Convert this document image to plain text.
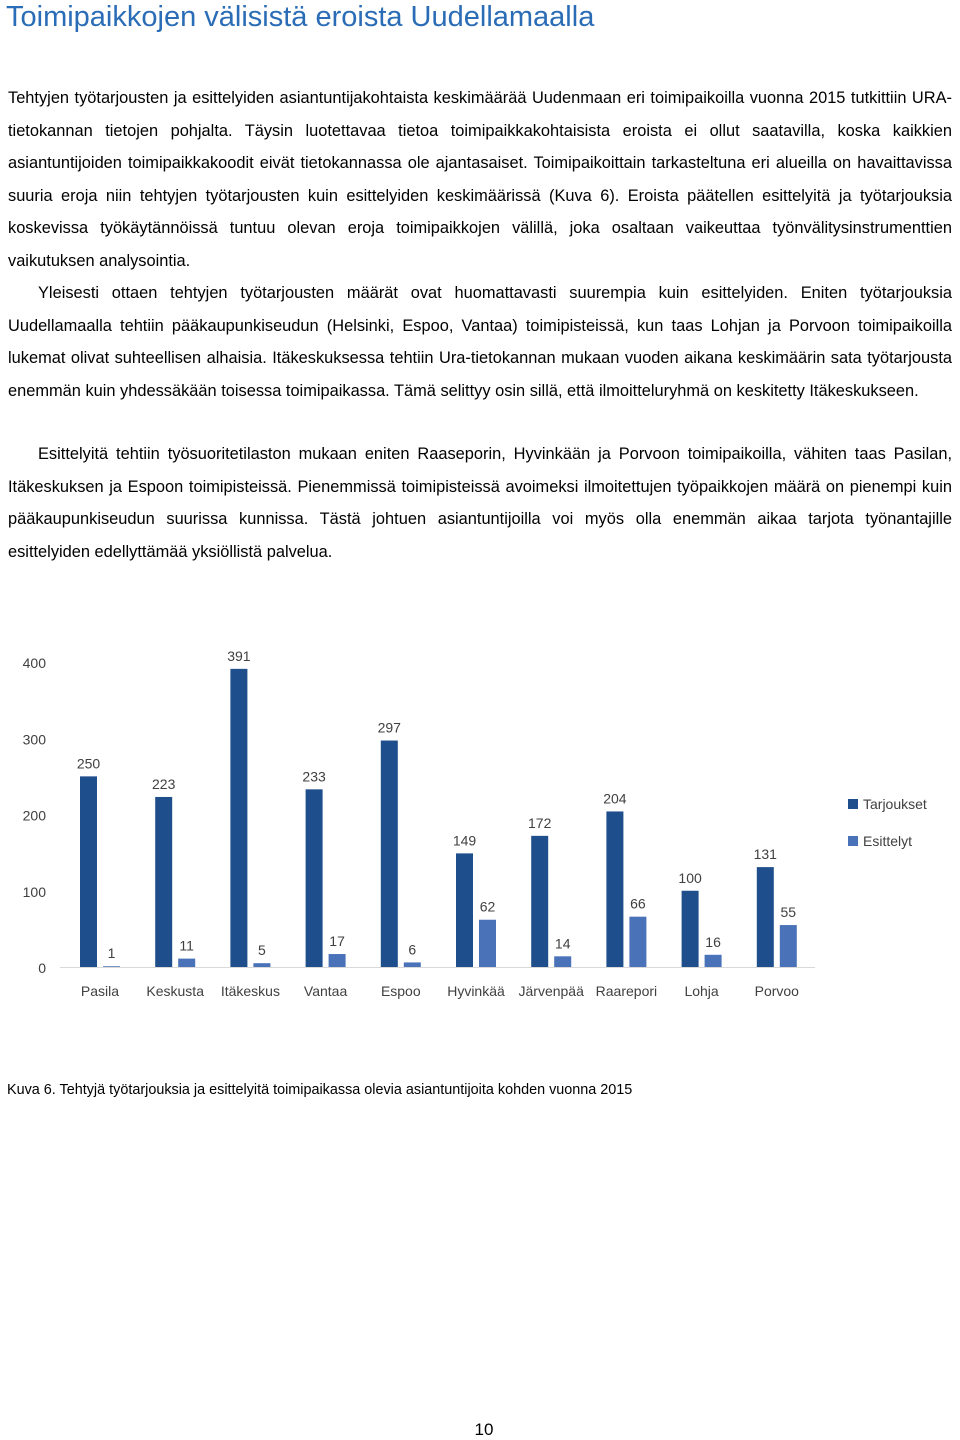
Toimipaikkojen välisistä eroista Uudellamaalla

Tehtyjen työtarjousten ja esittelyiden asiantuntijakohtaista keskimäärää Uudenmaan eri toimipaikoilla vuonna 2015 tutkittiin URA-tietokannan tietojen pohjalta. Täysin luotettavaa tietoa toimipaikkakohtaisista eroista ei ollut saatavilla, koska kaikkien asiantuntijoiden toimipaikkakoodit eivät tietokannassa ole ajantasaiset. Toimipaikoittain tarkasteltuna eri alueilla on havaittavissa suuria eroja niin tehtyjen työtarjousten kuin esittelyiden keskimäärissä (Kuva 6). Eroista päätellen esittelyitä ja työtarjouksia koskevissa työkäytännöissä tuntuu olevan eroja toimipaikkojen välillä, joka osaltaan vaikeuttaa työnvälitysinstrumenttien vaikutuksen analysointia.

Yleisesti ottaen tehtyjen työtarjousten määrät ovat huomattavasti suurempia kuin esittelyiden. Eniten työtarjouksia Uudellamaalla tehtiin pääkaupunkiseudun (Helsinki, Espoo, Vantaa) toimipisteissä, kun taas Lohjan ja Porvoon toimipaikoilla lukemat olivat suhteellisen alhaisia. Itäkeskuksessa tehtiin Ura-tietokannan mukaan vuoden aikana keskimäärin sata työtarjousta enemmän kuin yhdessäkään toisessa toimipaikassa. Tämä selittyy osin sillä, että ilmoitteluryhmä on keskitetty Itäkeskukseen.

Esittelyitä tehtiin työsuoritetilaston mukaan eniten Raaseporin, Hyvinkään ja Porvoon toimipaikoilla, vähiten taas Pasilan, Itäkeskuksen ja Espoon toimipisteissä. Pienemmissä toimipisteissä avoimeksi ilmoitettujen työpaikkojen määrä on pienempi kuin pääkaupunkiseudun suurissa kunnissa. Tästä johtuen asiantuntijoilla voi myös olla enemmän aikaa tarjota työnantajille esittelyiden edellyttämää yksiöllistä palvelua.

0
100
200
300
400
250
1
223
11
391
5
233
17
297
6
149
62
172
14
204
66
100
16
131
55
Pasila Keskusta Itäkeskus Vantaa Espoo Hyvinkää Järvenpää Raarepori Lohja	Porvoo
Tarjoukset
Esittelyt

Kuva 6. Tehtyjä työtarjouksia ja esittelyitä toimipaikassa olevia asiantuntijoita kohden vuonna 2015

10
